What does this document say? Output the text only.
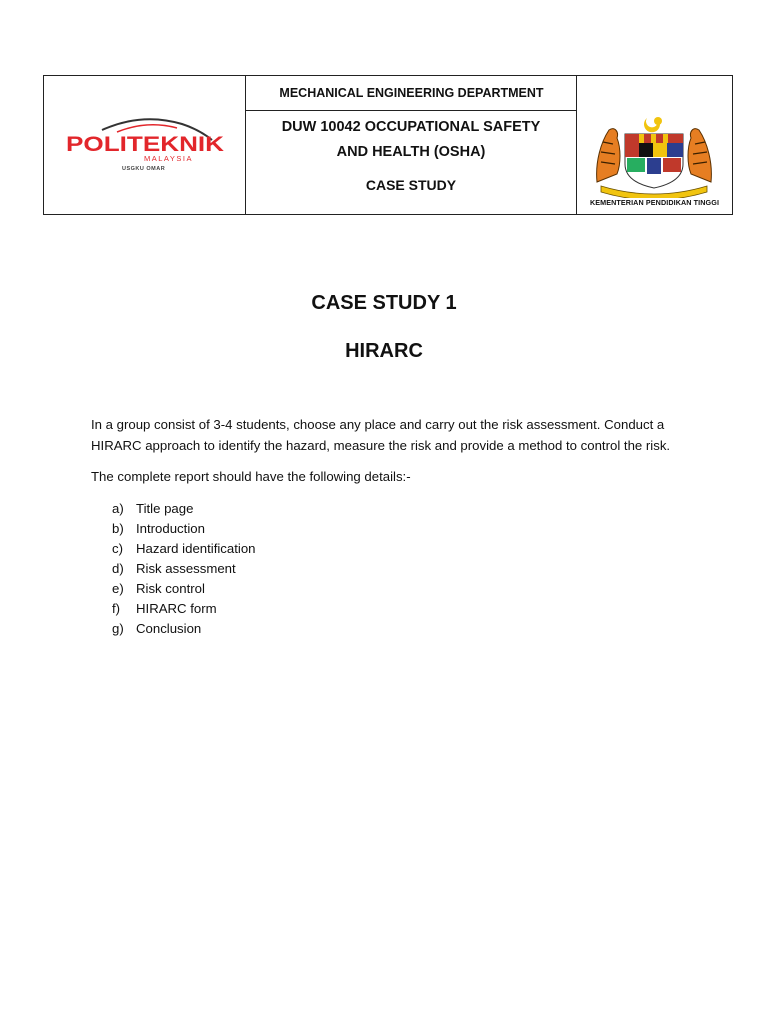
POLITEKNIK
MALAYSIA
USGKU OMAR

MECHANICAL ENGINEERING DEPARTMENT
DUW 10042 OCCUPATIONAL SAFETY
AND HEALTH (OSHA)
CASE STUDY

KEMENTERIAN PENDIDIKAN TINGGI
CASE STUDY 1
HIRARC
In a group consist of 3-4 students, choose any place and carry out the risk assessment. Conduct a HIRARC approach to identify the hazard, measure the risk and provide a method to control the risk.
The complete report should have the following details:-
a) Title page
b) Introduction
c) Hazard identification
d) Risk assessment
e) Risk control
f)	HIRARC form
g) Conclusion
